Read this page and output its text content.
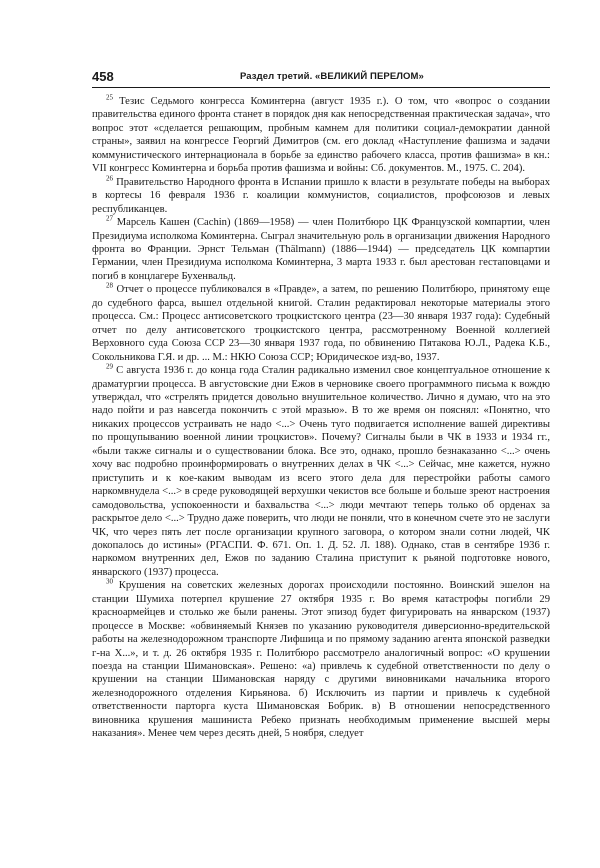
458	Раздел третий. «ВЕЛИКИЙ ПЕРЕЛОМ»

$^{25}$ Тезис Седьмого конгресса Коминтерна (август 1935 г.). О том, что «вопрос о создании правительства единого фронта станет в порядок дня как непосредственная практическая задача», что вопрос этот «сделается решающим, пробным камнем для политики социал-демократии данной страны», заявил на конгрессе Георгий Димитров (см. его доклад «Наступление фашизма и задачи коммунистического интернационала в борьбе за единство рабочего класса, против фашизма» в кн.: VII конгресс Коминтерна и борьба против фашизма и войны: Сб. документов. М., 1975. С. 204).

$^{26}$ Правительство Народного фронта в Испании пришло к власти в результате победы на выборах в кортесы 16 февраля 1936 г. коалиции коммунистов, социалистов, профсоюзов и левых республиканцев.

$^{27}$ Марсель Кашен (Cachin) (1869—1958) — член Политбюро ЦК Французской компартии, член Президиума исполкома Коминтерна. Сыграл значительную роль в организации движения Народного фронта во Франции. Эрнст Тельман (Thälmann) (1886—1944) — председатель ЦК компартии Германии, член Президиума исполкома Коминтерна, 3 марта 1933 г. был арестован гестаповцами и погиб в концлагере Бухенвальд.

$^{28}$ Отчет о процессе публиковался в «Правде», а затем, по решению Политбюро, принятому еще до судебного фарса, вышел отдельной книгой. Сталин редактировал некоторые материалы этого процесса. См.: Процесс антисоветского троцкистского центра (23—30 января 1937 года): Судебный отчет по делу антисоветского троцкистского центра, рассмотренному Военной коллегией Верховного суда Союза ССР 23—30 января 1937 года, по обвинению Пятакова Ю.Л., Радека К.Б., Сокольникова Г.Я. и др. ... М.: НКЮ Союза ССР; Юридическое изд-во, 1937.

$^{29}$ С августа 1936 г. до конца года Сталин радикально изменил свое концептуальное отношение к драматургии процесса. В августовские дни Ежов в черновике своего программного письма к вождю утверждал, что «стрелять придется довольно внушительное количество. Лично я думаю, что на это надо пойти и раз навсегда покончить с этой мразью». В то же время он пояснял: «Понятно, что никаких процессов устраивать не надо <...> Очень туго подвигается исполнение вашей директивы по прощупыванию военной линии троцкистов». Почему? Сигналы были в ЧК в 1933 и 1934 гг., «были также сигналы и о существовании блока. Все это, однако, прошло безнаказанно <...> очень хочу вас подробно проинформировать о внутренних делах в ЧК <...> Сейчас, мне кажется, нужно приступить и к кое-каким выводам из всего этого дела для перестройки работы самого наркомвнудела <...> в среде руководящей верхушки чекистов все больше и больше зреют настроения самодовольства, успокоенности и бахвальства <...> люди мечтают теперь только об орденах за раскрытое дело <...> Трудно даже поверить, что люди не поняли, что в конечном счете это не заслуги ЧК, что через пять лет после организации крупного заговора, о котором знали сотни людей, ЧК докопалось до истины» (РГАСПИ. Ф. 671. Оп. 1. Д. 52. Л. 188). Однако, став в сентябре 1936 г. наркомом внутренних дел, Ежов по заданию Сталина приступит к рьяной подготовке нового, январского (1937) процесса.

$^{30}$ Крушения на советских железных дорогах происходили постоянно. Воинский эшелон на станции Шумиха потерпел крушение 27 октября 1935 г. Во время катастрофы погибли 29 красноармейцев и столько же были ранены. Этот эпизод будет фигурировать на январском (1937) процессе в Москве: «обвиняемый Князев по указанию руководителя диверсионно-вредительской работы на железнодорожном транспорте Лифшица и по прямому заданию агента японской разведки г-на Х...», и т. д. 26 октября 1935 г. Политбюро рассмотрело аналогичный вопрос: «О крушении поезда на станции Шимановская». Решено: «а) привлечь к судебной ответственности по делу о крушении на станции Шимановская наряду с другими виновниками начальника второго железнодорожного отделения Кирьянова. б) Исключить из партии и привлечь к судебной ответственности парторга куста Шимановская Бобрик. в) В отношении непосредственного виновника крушения машиниста Ребеко признать необходимым применение высшей меры наказания». Менее чем через десять дней, 5 ноября, следует
